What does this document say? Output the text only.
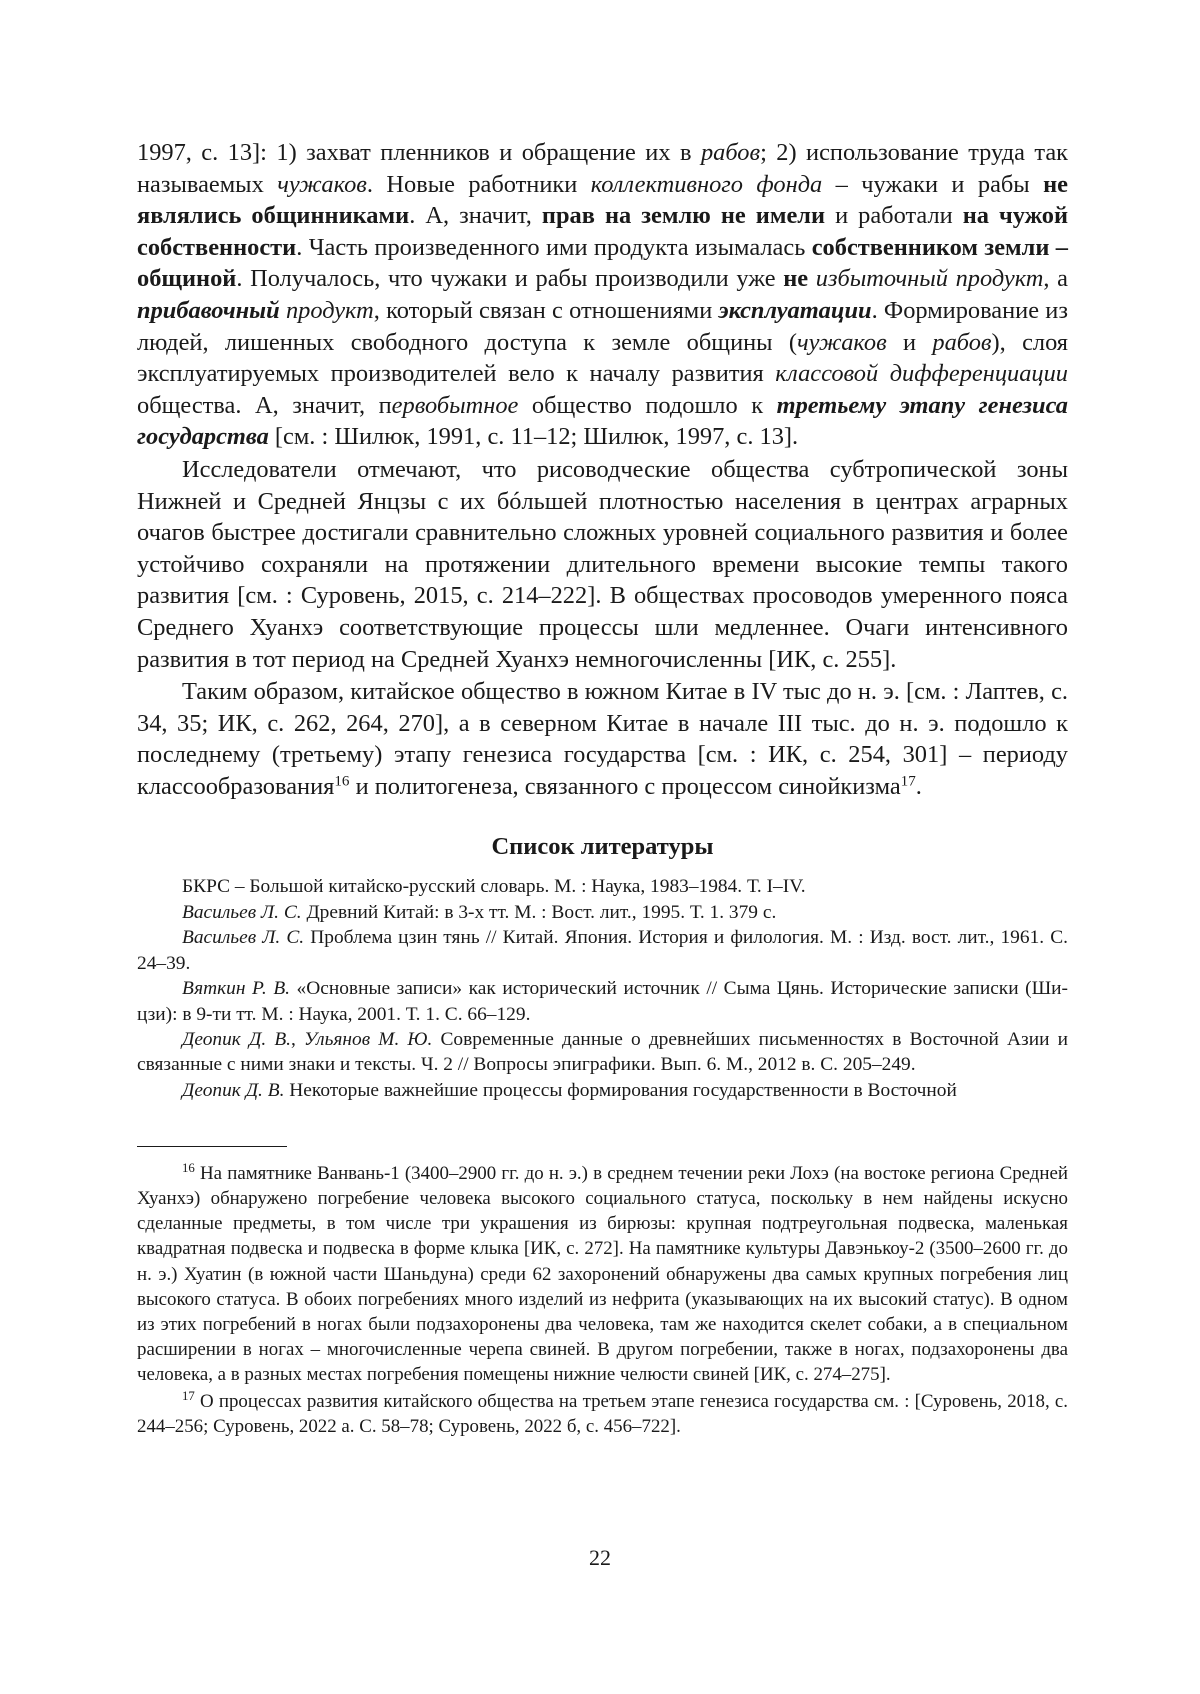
1997, с. 13]: 1) захват пленников и обращение их в рабов; 2) использование труда так называемых чужаков. Новые работники коллективного фонда – чужаки и рабы не являлись общинниками. А, значит, прав на землю не имели и работали на чужой собственности. Часть произведенного ими продукта изымалась собственником земли – общиной. Получалось, что чужаки и рабы производили уже не избыточный продукт, а прибавочный продукт, который связан с отношениями эксплуатации. Формирование из людей, лишенных свободного доступа к земле общины (чужаков и рабов), слоя эксплуатируемых производителей вело к началу развития классовой дифференциации общества. А, значит, первобытное общество подошло к третьему этапу генезиса государства [см. : Шилюк, 1991, с. 11–12; Шилюк, 1997, с. 13].

Исследователи отмечают, что рисоводческие общества субтропической зоны Нижней и Средней Янцзы с их бóльшей плотностью населения в центрах аграрных очагов быстрее достигали сравнительно сложных уровней социального развития и более устойчиво сохраняли на протяжении длительного времени высокие темпы такого развития [см. : Суровень, 2015, с. 214–222]. В обществах просоводов умеренного пояса Среднего Хуанхэ соответствующие процессы шли медленнее. Очаги интенсивного развития в тот период на Средней Хуанхэ немногочисленны [ИК, с. 255].

Таким образом, китайское общество в южном Китае в IV тыс до н. э. [см. : Лаптев, с. 34, 35; ИК, с. 262, 264, 270], а в северном Китае в начале III тыс. до н. э. подошло к последнему (третьему) этапу генезиса государства [см. : ИК, с. 254, 301] – периоду классообразования$^{16}$ и политогенеза, связанного с процессом синойкизма$^{17}$.

Список литературы

БКРС – Большой китайско-русский словарь. М. : Наука, 1983–1984. Т. I–IV.

Васильев Л. С. Древний Китай: в 3-х тт. М. : Вост. лит., 1995. Т. 1. 379 с.

Васильев Л. С. Проблема цзин тянь // Китай. Япония. История и филология. М. : Изд. вост. лит., 1961. С. 24–39.

Вяткин Р. В. «Основные записи» как исторический источник // Сыма Цянь. Исторические записки (Ши-цзи): в 9-ти тт. М. : Наука, 2001. Т. 1. С. 66–129.

Деопик Д. В., Ульянов М. Ю. Современные данные о древнейших письменностях в Восточной Азии и связанные с ними знаки и тексты. Ч. 2 // Вопросы эпиграфики. Вып. 6. М., 2012 в. С. 205–249.

Деопик Д. В. Некоторые важнейшие процессы формирования государственности в Восточной

$^{16}$ На памятнике Ванвань-1 (3400–2900 гг. до н. э.) в среднем течении реки Лохэ (на востоке региона Средней Хуанхэ) обнаружено погребение человека высокого социального статуса, поскольку в нем найдены искусно сделанные предметы, в том числе три украшения из бирюзы: крупная подтреугольная подвеска, маленькая квадратная подвеска и подвеска в форме клыка [ИК, с. 272]. На памятнике культуры Давэнькоу-2 (3500–2600 гг. до н. э.) Хуатин (в южной части Шаньдуна) среди 62 захоронений обнаружены два самых крупных погребения лиц высокого статуса. В обоих погребениях много изделий из нефрита (указывающих на их высокий статус). В одном из этих погребений в ногах были подзахоронены два человека, там же находится скелет собаки, а в специальном расширении в ногах – многочисленные черепа свиней. В другом погребении, также в ногах, подзахоронены два человека, а в разных местах погребения помещены нижние челюсти свиней [ИК, с. 274–275].

$^{17}$ О процессах развития китайского общества на третьем этапе генезиса государства см. : [Суровень, 2018, с. 244–256; Суровень, 2022 а. С. 58–78; Суровень, 2022 б, с. 456–722].

22
